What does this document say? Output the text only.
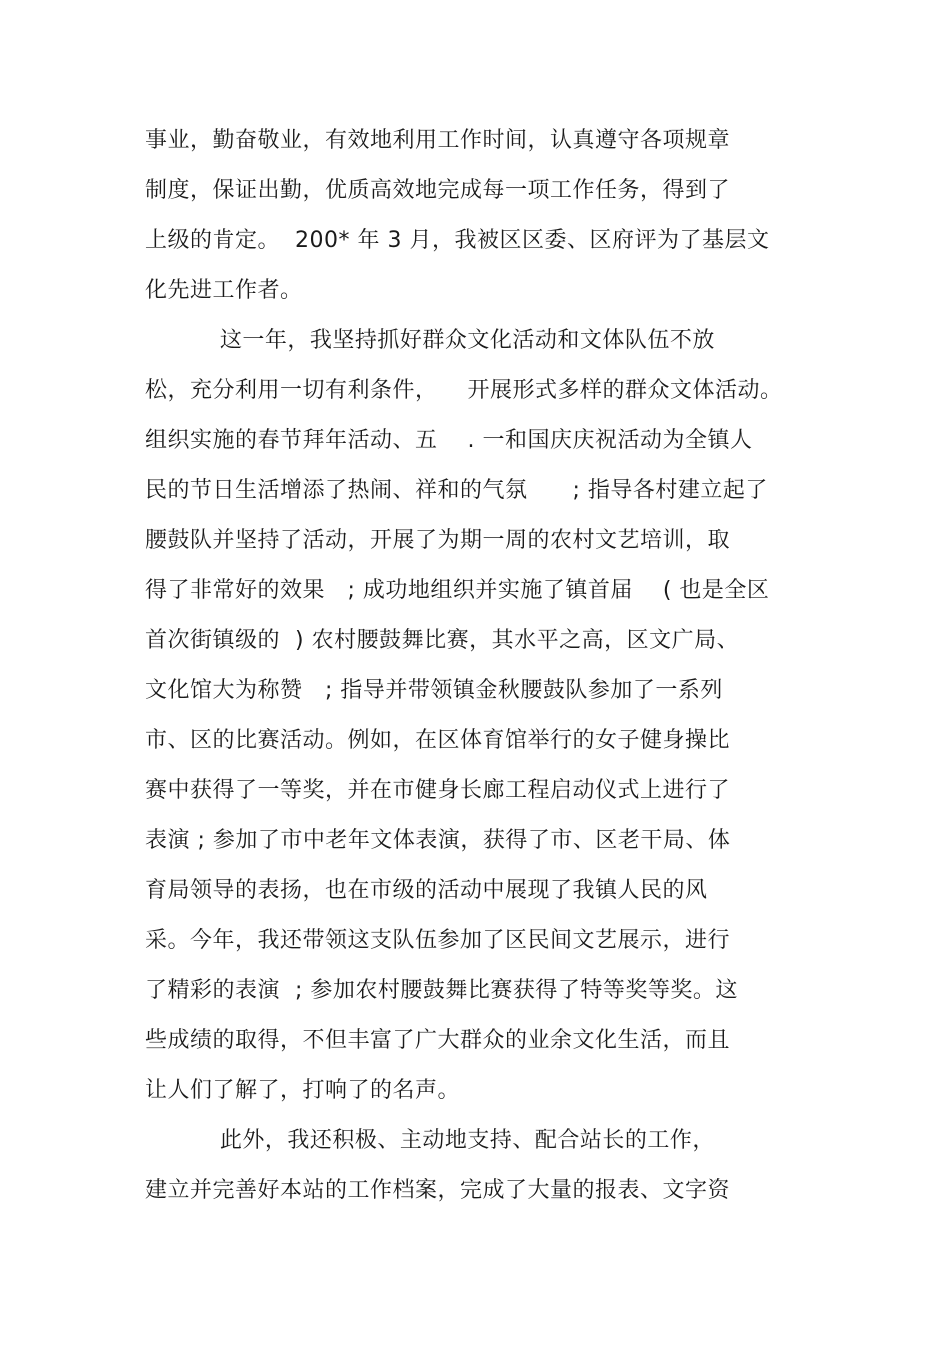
事业，勤奋敬业，有效地利用工作时间，认真遵守各项规章
制度，保证出勤，优质高效地完成每一项工作任务，得到了
上级的肯定。  200* 年 3 月，我被区区委、区府评为了基层文
化先进工作者。
这一年，我坚持抓好群众文化活动和文体队伍不放
松，充分利用一切有利条件，    开展形式多样的群众文体活动。
组织实施的春节拜年活动、五    . 一和国庆庆祝活动为全镇人
民的节日生活增添了热闹、祥和的气氛      ; 指导各村建立起了
腰鼓队并坚持了活动，开展了为期一周的农村文艺培训，取
得了非常好的效果   ; 成功地组织并实施了镇首届    ( 也是全区
首次街镇级的  ) 农村腰鼓舞比赛，其水平之高，区文广局、
文化馆大为称赞   ; 指导并带领镇金秋腰鼓队参加了一系列
市、区的比赛活动。例如，在区体育馆举行的女子健身操比
赛中获得了一等奖，并在市健身长廊工程启动仪式上进行了
表演 ; 参加了市中老年文体表演，获得了市、区老干局、体
育局领导的表扬，也在市级的活动中展现了我镇人民的风
采。今年，我还带领这支队伍参加了区民间文艺展示，进行
了精彩的表演  ; 参加农村腰鼓舞比赛获得了特等奖等奖。这
些成绩的取得，不但丰富了广大群众的业余文化生活，而且
让人们了解了，打响了的名声。
此外，我还积极、主动地支持、配合站长的工作，
建立并完善好本站的工作档案，完成了大量的报表、文字资
